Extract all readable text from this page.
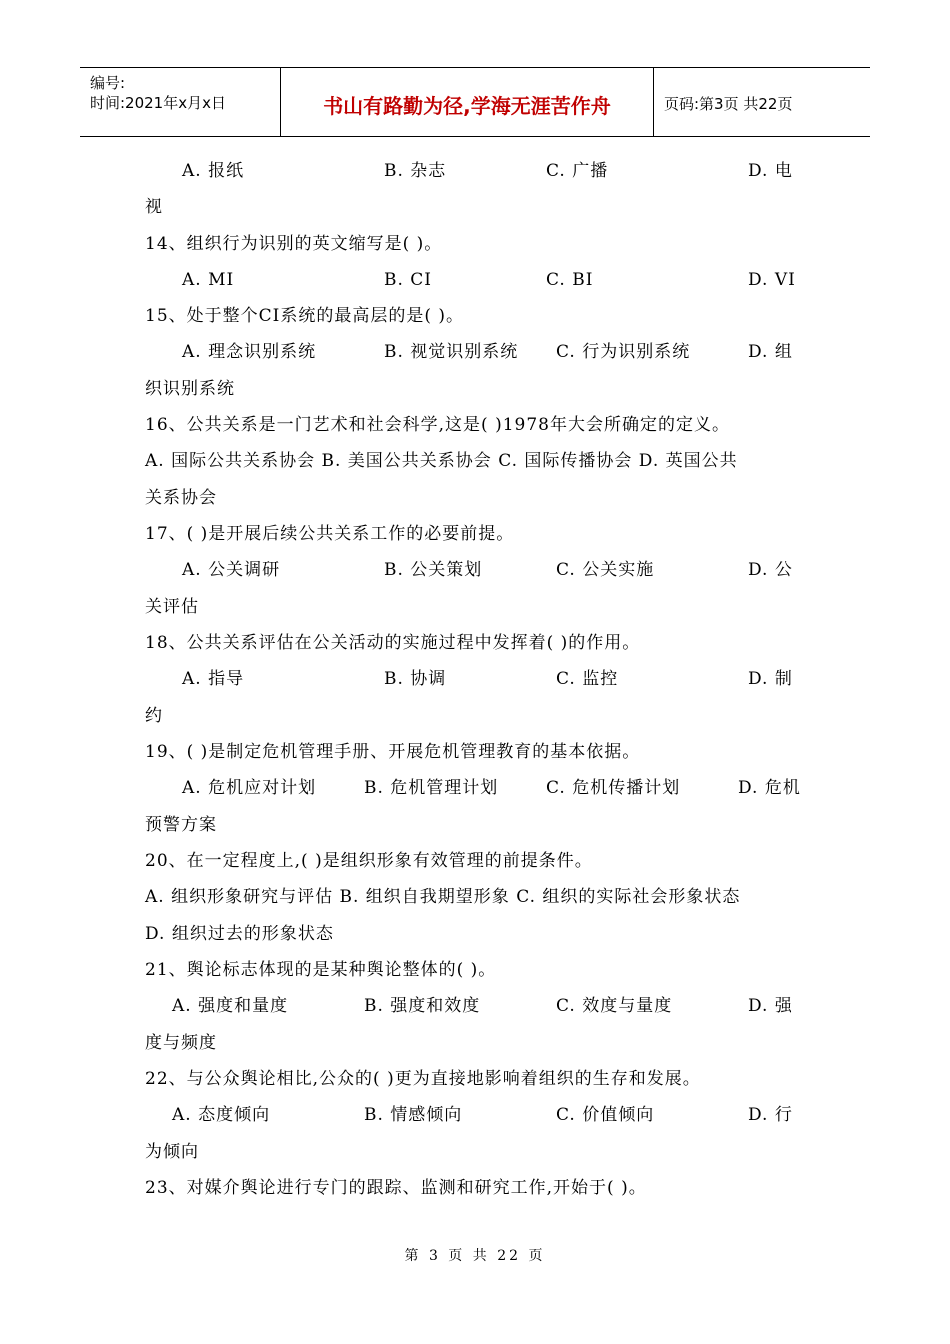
编号:
时间:2021年x月x日	书山有路勤为径,学海无涯苦作舟	页码:第3页 共22页
A. 报纸	B. 杂志	C. 广播	D. 电
视
14、组织行为识别的英文缩写是( )。
A. MI	B. CI	C. BI	D. VI
15、处于整个CI系统的最高层的是( )。
A. 理念识别系统	B. 视觉识别系统 C. 行为识别系统	D. 组
织识别系统
16、公共关系是一门艺术和社会科学,这是( )1978年大会所确定的定义。
A. 国际公共关系协会 B. 美国公共关系协会 C. 国际传播协会 D. 英国公共
关系协会
17、( )是开展后续公共关系工作的必要前提。
A. 公关调研	B. 公关策划	C. 公关实施	D. 公
关评估
18、公共关系评估在公关活动的实施过程中发挥着( )的作用。
A. 指导	B. 协调	C. 监控	D. 制
约
19、( )是制定危机管理手册、开展危机管理教育的基本依据。
A. 危机应对计划	B. 危机管理计划	C. 危机传播计划	D. 危机
预警方案
20、在一定程度上,( )是组织形象有效管理的前提条件。
A. 组织形象研究与评估 B. 组织自我期望形象 C. 组织的实际社会形象状态
D. 组织过去的形象状态
21、舆论标志体现的是某种舆论整体的( )。
A. 强度和量度	B. 强度和效度	C. 效度与量度	D. 强
度与频度
22、与公众舆论相比,公众的( )更为直接地影响着组织的生存和发展。
A. 态度倾向	B. 情感倾向	C. 价值倾向	D. 行
为倾向
23、对媒介舆论进行专门的跟踪、监测和研究工作,开始于( )。
第 3 页 共 22 页
